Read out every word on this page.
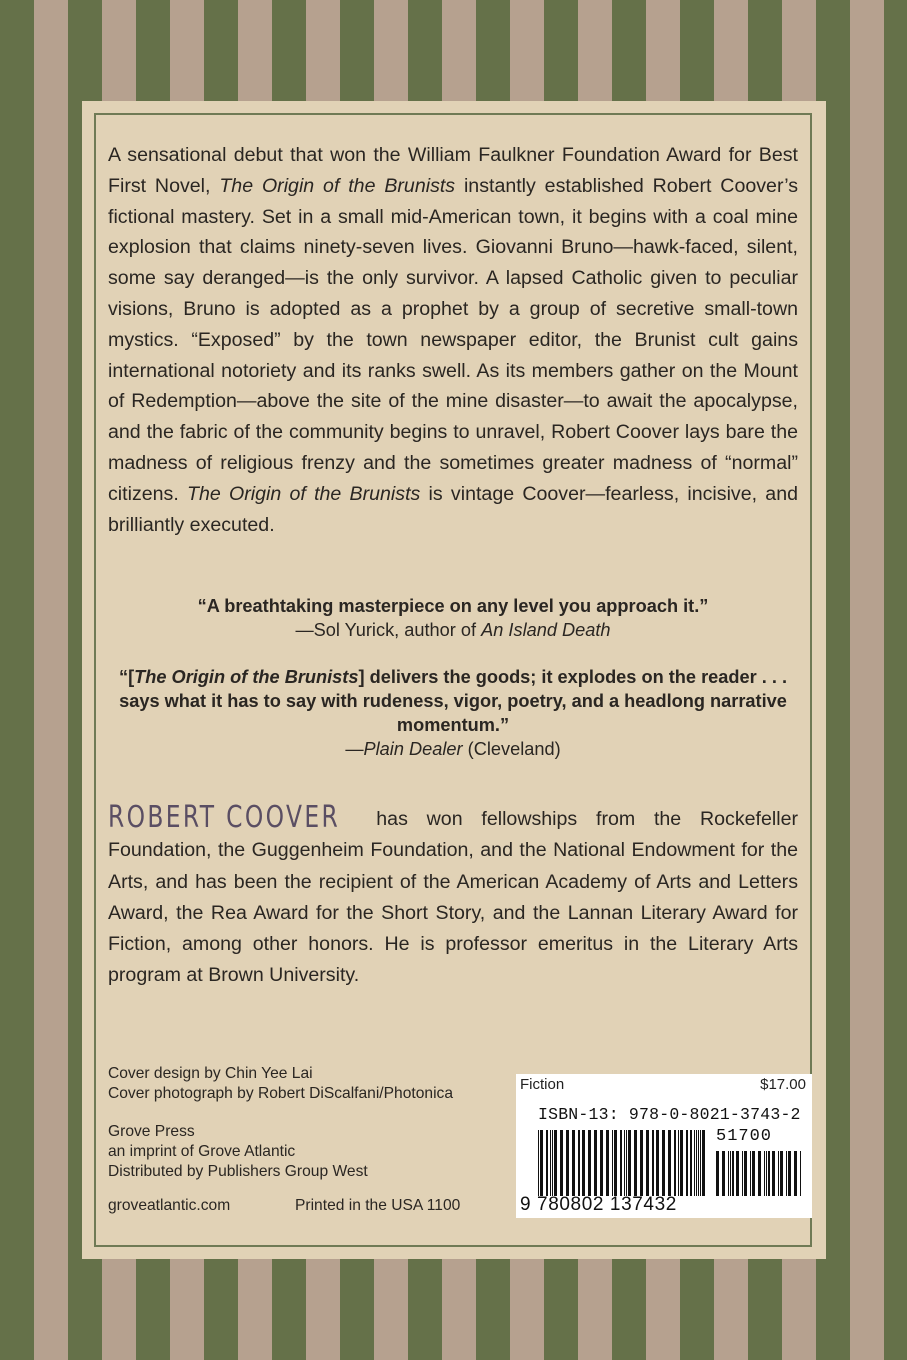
A sensational debut that won the William Faulkner Foundation Award for Best First Novel, The Origin of the Brunists instantly established Robert Coover’s fictional mastery. Set in a small mid-American town, it begins with a coal mine explosion that claims ninety-seven lives. Giovanni Bruno—hawk-faced, silent, some say deranged—is the only survivor. A lapsed Catholic given to peculiar visions, Bruno is adopted as a prophet by a group of secretive small-town mystics. “Exposed” by the town newspaper editor, the Brunist cult gains international notoriety and its ranks swell. As its members gather on the Mount of Redemption—above the site of the mine disaster—to await the apocalypse, and the fabric of the community begins to unravel, Robert Coover lays bare the madness of religious frenzy and the sometimes greater madness of “normal” citizens. The Origin of the Brunists is vintage Coover—fearless, incisive, and brilliantly executed.

“A breathtaking masterpiece on any level you approach it.”
—Sol Yurick, author of An Island Death

“[The Origin of the Brunists] delivers the goods; it explodes on the reader . . . says what it has to say with rudeness, vigor, poetry, and a headlong narrative momentum.”
—Plain Dealer (Cleveland)

ROBERT COOVER has won fellowships from the Rockefeller Foundation, the Guggenheim Foundation, and the National Endowment for the Arts, and has been the recipient of the American Academy of Arts and Letters Award, the Rea Award for the Short Story, and the Lannan Literary Award for Fiction, among other honors. He is professor emeritus in the Literary Arts program at Brown University.

Cover design by Chin Yee Lai
Cover photograph by Robert DiScalfani/Photonica
Grove Press
an imprint of Grove Atlantic
Distributed by Publishers Group West
groveatlantic.com	Printed in the USA 1100
Fiction	$17.00
ISBN-13: 978-0-8021-3743-2
51700
9 780802 137432
